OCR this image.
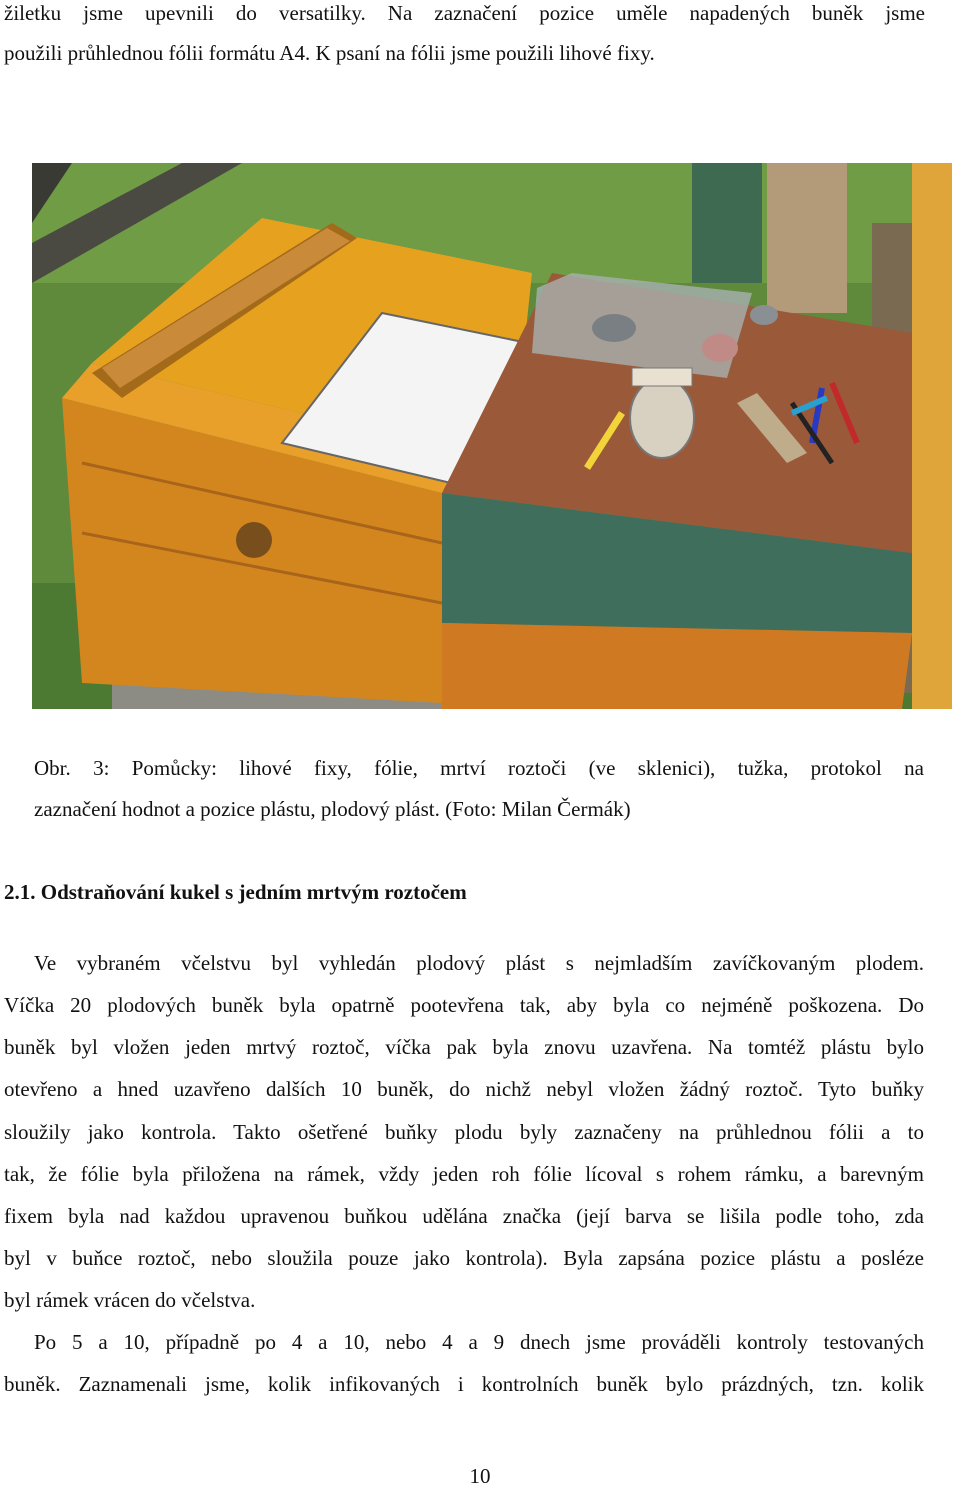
žiletku jsme upevnili do versatilky. Na zaznačení pozice uměle napadených buněk jsme
použili průhlednou fólii formátu A4. K psaní na fólii jsme použili lihové fixy.
Obr. 3: Pomůcky: lihové fixy, fólie, mrtví roztoči (ve sklenici), tužka, protokol na
zaznačení hodnot a pozice plástu, plodový plást. (Foto: Milan Čermák)
2.1. Odstraňování kukel s jedním mrtvým roztočem
Ve vybraném včelstvu byl vyhledán plodový plást s nejmladším zavíčkovaným plodem.
Víčka 20 plodových buněk byla opatrně pootevřena tak, aby byla co nejméně poškozena. Do
buněk byl vložen jeden mrtvý roztoč, víčka pak byla znovu uzavřena. Na tomtéž plástu bylo
otevřeno a hned uzavřeno dalších 10 buněk, do nichž nebyl vložen žádný roztoč. Tyto buňky
sloužily jako kontrola. Takto ošetřené buňky plodu byly zaznačeny na průhlednou fólii a to
tak, že fólie byla přiložena na rámek, vždy jeden roh fólie lícoval s rohem rámku, a barevným
fixem byla nad každou upravenou buňkou udělána značka (její barva se lišila podle toho, zda
byl v buňce roztoč, nebo sloužila pouze jako kontrola). Byla zapsána pozice plástu a posléze
byl rámek vrácen do včelstva.
Po 5 a 10, případně po 4 a 10, nebo 4 a 9 dnech jsme prováděli kontroly testovaných
buněk. Zaznamenali jsme, kolik infikovaných i kontrolních buněk bylo prázdných, tzn. kolik
10
